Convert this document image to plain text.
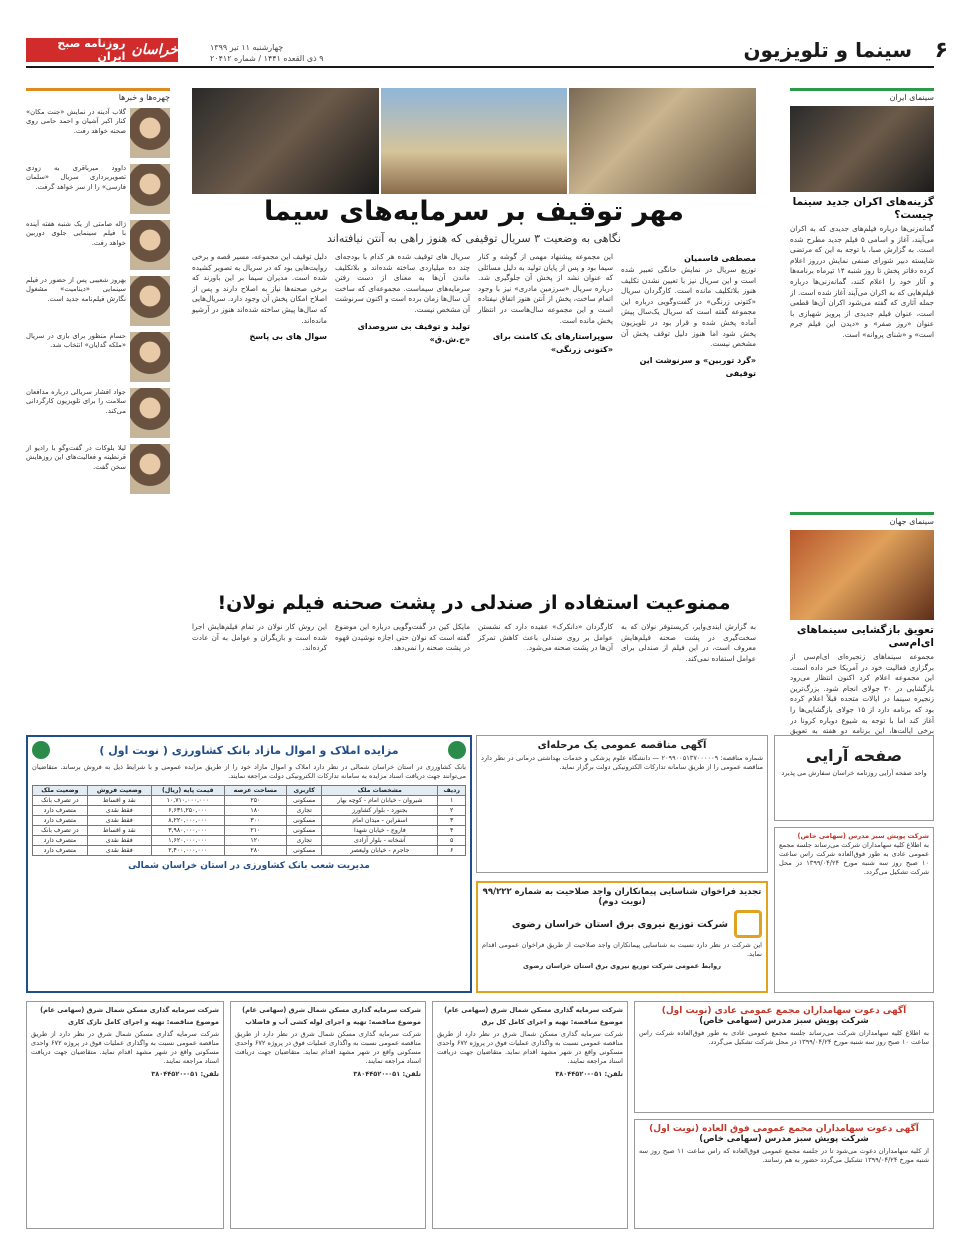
۶
سینما و تلویزیون
چهارشنبه ۱۱ تیر ۱۳۹۹
۹ ذی القعده ۱۴۴۱ / شماره ۲۰۴۱۲
خراسان
روزنامه صبح ایران
سینمای ایران
گزینه‌های اکران جدید سینما چیست؟
گمانه‌زنی‌ها درباره فیلم‌های جدیدی که به اکران می‌آیند، آغاز و اسامی ۵ فیلم جدید مطرح شده است. به گزارش صبا، با توجه به این که مرتضی شایسته دبیر شورای صنفی نمایش درروز اعلام کرده دفاتر پخش تا روز شنبه ۱۴ تیرماه برنامه‌ها و آثار خود را اعلام کنند، گمانه‌زنی‌ها درباره فیلم‌هایی که به اکران می‌آیند آغاز شده است. از جمله آثاری که گفته می‌شود اکران آن‌ها قطعی است، عنوان فیلم جدیدی از پرویز شهبازی با عنوان «روز صفر» و «دیدن این فیلم جرم است» و «شنای پروانه» است.
سینمای جهان
تعویق بازگشایی سینماهای ای‌ام‌سی
مجموعه سینماهای زنجیره‌ای ای‌ام‌سی از برگزاری فعالیت خود در آمریکا خبر داده است. این مجموعه اعلام کرد اکنون انتظار می‌رود بازگشایی در ۳۰ جولای انجام شود. بزرگ‌ترین زنجیره سینما در ایالات متحده قبلاً اعلام کرده بود که برنامه دارد از ۱۵ جولای بازگشایی‌ها را آغاز کند اما با توجه به شیوع دوباره کرونا در برخی ایالت‌ها، این برنامه دو هفته به تعویق
چهره‌ها و خبرها
گلاب آدینه در نمایش «جنت مکان» کنار اکبر آشیان و احمد حامی روی صحنه خواهد رفت.
داوود میرباقری به زودی تصویربرداری سریال «سلمان فارسی» را از سر خواهد گرفت.
ژاله صامتی از یک شنبه هفته آینده با فیلم سینمایی جلوی دوربین خواهد رفت.
بهروز شعیبی پس از حضور در فیلم سینمایی «دینامیت» مشغول نگارش فیلم‌نامه جدید است.
حسام منظور برای بازی در سریال «ملکه گدایان» انتخاب شد.
جواد افشار سریالی درباره مدافعان سلامت را برای تلویزیون کارگردانی می‌کند.
لیلا بلوکات در گفت‌وگو با رادیو از قرنطینه و فعالیت‌های این روزهایش سخن گفت.
مهر توقیف بر سرمایه‌های سیما
نگاهی به وضعیت ۳ سریال توقیفی که هنوز راهی به آنتن نیافته‌اند
مصطفی قاسمیان
توزیع سریال در نمایش خانگی تعبیر شده است و این سریال نیز با تعیین نشدن تکلیف هنوز بلاتکلیف مانده است. کارگردان سریال «کتونی زرنگی» در گفت‌وگویی درباره این مجموعه گفته است که سریال یک‌سال پیش آماده پخش شده و قرار بود در تلویزیون پخش شود اما هنوز دلیل توقف پخش آن مشخص نیست.
«گرد توربین» و سرنوشت این توقیفی
این مجموعه پیشنهاد مهمی از گوشه و کنار سیما بود و پس از پایان تولید به دلیل مسائلی که عنوان نشد از پخش آن جلوگیری شد. درباره سریال «سرزمین مادری» نیز با وجود اتمام ساخت، پخش از آنتن هنوز اتفاق نیفتاده است و این مجموعه سال‌هاست در انتظار پخش مانده است.
سوپراستارهای یک کامنت برای «کتونی زرنگی»
سریال های توقیف شده هر کدام با بودجه‌ای چند ده میلیاردی ساخته شده‌اند و بلاتکلیف ماندن آن‌ها به معنای از دست رفتن سرمایه‌های سیماست. مجموعه‌ای که ساخت آن سال‌ها زمان برده است و اکنون سرنوشت آن مشخص نیست.
تولید و توقیف بی سروصدای «ح.ش.ق»
دلیل توقیف این مجموعه، مسیر قصه و برخی روایت‌هایی بود که در سریال به تصویر کشیده شده است. مدیران سیما بر این باورند که برخی صحنه‌ها نیاز به اصلاح دارند و پس از اصلاح امکان پخش آن وجود دارد. سریال‌هایی که سال‌ها پیش ساخته شده‌اند هنوز در آرشیو مانده‌اند.
سوال های بی پاسخ
ممنوعیت استفاده از صندلی در پشت صحنه فیلم نولان!
به گزارش ایندی‌وایر، کریستوفر نولان که به سخت‌گیری در پشت صحنه فیلم‌هایش معروف است، در این فیلم از صندلی برای عوامل استفاده نمی‌کند.
کارگردان «دانکرک» عقیده دارد که نشستن عوامل بر روی صندلی باعث کاهش تمرکز آن‌ها در پشت صحنه می‌شود.
مایکل کین در گفت‌وگویی درباره این موضوع گفته است که نولان حتی اجازه نوشیدن قهوه در پشت صحنه را نمی‌دهد.
این روش کار نولان در تمام فیلم‌هایش اجرا شده است و بازیگران و عوامل به آن عادت کرده‌اند.
صفحه آرایی
واحد صفحه آرایی روزنامه خراسان سفارش می پذیرد
آگهی مناقصه عمومی یک مرحله‌ای
شماره مناقصه: ۲۰۹۹۰۰۵۱۳۷۰۰۰۰۰۹ — دانشگاه علوم پزشکی و خدمات بهداشتی درمانی در نظر دارد مناقصه عمومی را از طریق سامانه تدارکات الکترونیکی دولت برگزار نماید.
مزایده املاک و اموال مازاد بانک کشاورزی ( نوبت اول )
بانک کشاورزی در استان خراسان شمالی در نظر دارد املاک و اموال مازاد خود را از طریق مزایده عمومی و با شرایط ذیل به فروش برساند. متقاضیان می‌توانند جهت دریافت اسناد مزایده به سامانه تدارکات الکترونیکی دولت مراجعه نمایند.
ردیف	مشخصات ملک	کاربری	مساحت عرصه	قیمت پایه (ریال)	وضعیت فروش	وضعیت ملک
۱	شیروان - خیابان امام - کوچه بهار	مسکونی	۲۵۰	۱۰,۷۱۰,۰۰۰,۰۰۰	نقد و اقساط	در تصرف بانک
۲	بجنورد - بلوار کشاورز	تجاری	۱۸۰	۶,۶۳۱,۲۵۰,۰۰۰	فقط نقدی	متصرف دارد
۳	اسفراین - میدان امام	مسکونی	۳۰۰	۸,۲۲۰,۰۰۰,۰۰۰	فقط نقدی	متصرف دارد
۴	فاروج - خیابان شهدا	مسکونی	۲۱۰	۳,۹۸۰,۰۰۰,۰۰۰	نقد و اقساط	در تصرف بانک
۵	آشخانه - بلوار آزادی	تجاری	۱۲۰	۱,۶۲۰,۰۰۰,۰۰۰	فقط نقدی	متصرف دارد
۶	جاجرم - خیابان ولیعصر	مسکونی	۲۸۰	۲,۴۰۰,۰۰۰,۰۰۰	فقط نقدی	متصرف دارد
مدیریت شعب بانک کشاورزی در استان خراسان شمالی
تجدید فراخوان شناسایی پیمانکاران واجد صلاحیت به شماره ۹۹/۲۲۲ (نوبت دوم)
شرکت توزیع نیروی برق استان خراسان رضوی
این شرکت در نظر دارد نسبت به شناسایی پیمانکاران واجد صلاحیت از طریق فراخوان عمومی اقدام نماید.
روابط عمومی شرکت توزیع نیروی برق استان خراسان رضوی
شرکت پویش سبز مدرس (سهامی خاص)
به اطلاع کلیه سهامداران شرکت می‌رساند جلسه مجمع عمومی عادی به طور فوق‌العاده شرکت راس ساعت ۱۰ صبح روز سه شنبه مورخ ۱۳۹۹/۰۴/۲۴ در محل شرکت تشکیل می‌گردد.
آگهی دعوت سهامداران مجمع عمومی عادی (نوبت اول)
شرکت پویش سبز مدرس (سهامی خاص)
به اطلاع کلیه سهامداران شرکت می‌رساند جلسه مجمع عمومی عادی به طور فوق‌العاده شرکت راس ساعت ۱۰ صبح روز سه شنبه مورخ ۱۳۹۹/۰۴/۲۴ در محل شرکت تشکیل می‌گردد.
آگهی دعوت سهامداران مجمع عمومی فوق العاده (نوبت اول)
شرکت پویش سبز مدرس (سهامی خاص)
از کلیه سهامداران دعوت می‌شود تا در جلسه مجمع عمومی فوق‌العاده که راس ساعت ۱۱ صبح روز سه شنبه مورخ ۱۳۹۹/۰۴/۲۴ تشکیل می‌گردد حضور به هم رسانند.
شرکت سرمایه گذاری مسکن شمال شرق (سهامی عام)
موضوع مناقصه: تهیه و اجرای کامل کل برق
شرکت سرمایه گذاری مسکن شمال شرق در نظر دارد از طریق مناقصه عمومی نسبت به واگذاری عملیات فوق در پروژه ۶۷۲ واحدی مسکونی واقع در شهر مشهد اقدام نماید. متقاضیان جهت دریافت اسناد مراجعه نمایند.
تلفن: ۰۵۱-۳۸۰۴۴۵۲۰
شرکت سرمایه گذاری مسکن شمال شرق (سهامی عام)
موضوع مناقصه: تهیه و اجرای لوله کشی آب و فاضلاب
شرکت سرمایه گذاری مسکن شمال شرق در نظر دارد از طریق مناقصه عمومی نسبت به واگذاری عملیات فوق در پروژه ۶۷۲ واحدی مسکونی واقع در شهر مشهد اقدام نماید. متقاضیان جهت دریافت اسناد مراجعه نمایند.
تلفن: ۰۵۱-۳۸۰۴۴۵۲۰
شرکت سرمایه گذاری مسکن شمال شرق (سهامی عام)
موضوع مناقصه: تهیه و اجرای کامل نازک کاری
شرکت سرمایه گذاری مسکن شمال شرق در نظر دارد از طریق مناقصه عمومی نسبت به واگذاری عملیات فوق در پروژه ۶۷۲ واحدی مسکونی واقع در شهر مشهد اقدام نماید. متقاضیان جهت دریافت اسناد مراجعه نمایند.
تلفن: ۰۵۱-۳۸۰۴۴۵۲۰
